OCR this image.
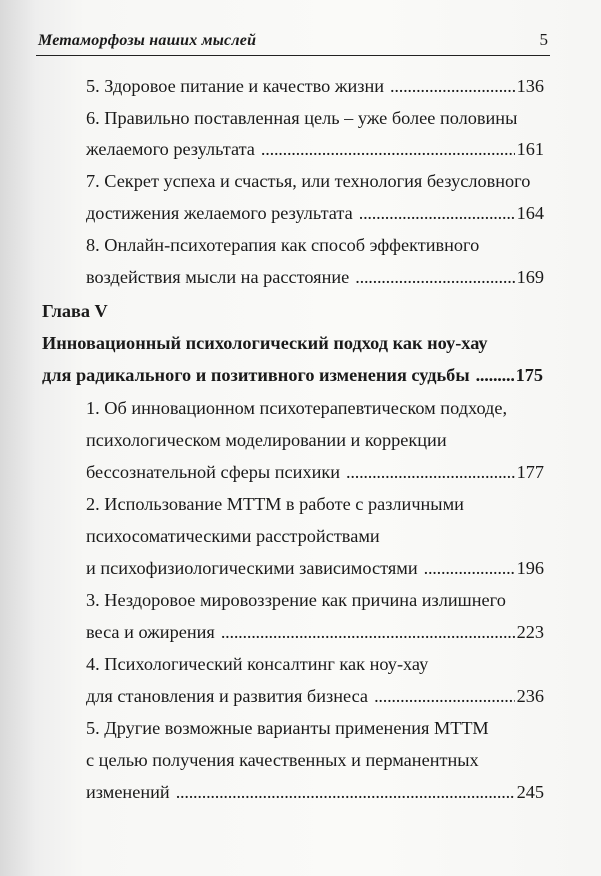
Метаморфозы наших мыслей	5
5. Здоровое питание и качество жизни . . .	136
6. Правильно поставленная цель – уже более половины
желаемого результата . . .	161
7. Секрет успеха и счастья, или технология безусловного
достижения желаемого результата . . .	164
8. Онлайн-психотерапия как способ эффективного
воздействия мысли на расстояние . . .	169
Глава V
Инновационный психологический подход как ноу-хау
для радикального и позитивного изменения судьбы . . .	175
1. Об инновационном психотерапевтическом подходе,
психологическом моделировании и коррекции
бессознательной сферы психики . . .	177
2. Использование МТТМ в работе с различными
психосоматическими расстройствами
и психофизиологическими зависимостями . . .	196
3. Нездоровое мировоззрение как причина излишнего
веса и ожирения . . .	223
4. Психологический консалтинг как ноу-хау
для становления и развития бизнеса . . .	236
5. Другие возможные варианты применения МТТМ
с целью получения качественных и перманентных
изменений . . .	245
